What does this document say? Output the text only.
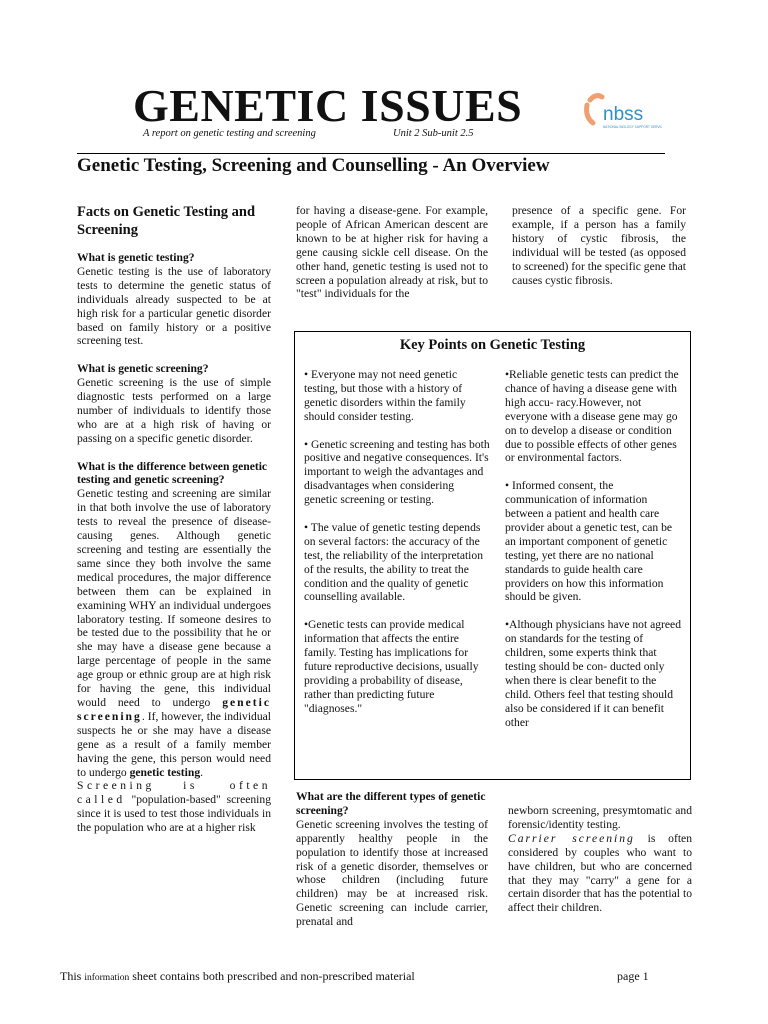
GENETIC ISSUES
A report on genetic testing and screening	Unit 2 Sub-unit 2.5
nbss
NATIONAL BIOLOGY SUPPORT SERVICE
Genetic Testing, Screening and Counselling - An Overview
Facts on Genetic Testing and Screening
What is genetic testing?

Genetic testing is the use of laboratory tests to determine the genetic status of individuals already suspected to be at high risk for a particular genetic disorder based on family history or a positive screening test.

What is genetic screening?

Genetic screening is the use of simple diagnostic tests performed on a large number of individuals to identify those who are at a high risk of having or passing on a specific genetic disorder.

What is the difference between genetic testing and genetic screening?

Genetic testing and screening are similar in that both involve the use of laboratory tests to reveal the presence of disease-causing genes. Although genetic screening and testing are essentially the same since they both involve the same medical procedures, the major difference between them can be explained in examining WHY an individual undergoes laboratory testing. If someone desires to be tested due to the possibility that he or she may have a disease gene because a large percentage of people in the same age group or ethnic group are at high risk for having the gene, this individual would need to undergo genetic screening. If, however, the individual suspects he or she may have a disease gene as a result of a family member having the gene, this person would need to undergo genetic testing.
Screening is often called "population-based" screening since it is used to test those individuals in the population who are at a higher risk

for having a disease-gene. For example, people of African American descent are known to be at higher risk for having a gene causing sickle cell disease. On the other hand, genetic testing is used not to screen a population already at risk, but to "test" individuals for the

presence of a specific gene. For example, if a person has a family history of cystic fibrosis, the individual will be tested (as opposed to screened) for the specific gene that causes cystic fibrosis.

Key Points on Genetic Testing

• Everyone may not need genetic testing, but those with a history of genetic disorders within the family should consider testing.

• Genetic screening and testing has both positive and negative consequences. It's important to weigh the advantages and disadvantages when considering genetic screening or testing.

• The value of genetic testing depends on several factors: the accuracy of the test, the reliability of the interpretation of the results, the ability to treat the condition and the quality of genetic counselling available.

•Genetic tests can provide medical information that affects the entire family. Testing has implications for future reproductive decisions, usually providing a probability of disease, rather than predicting future "diagnoses."

•Reliable genetic tests can predict the chance of having a disease gene with high accu- racy.However, not everyone with a disease gene may go on to develop a disease or condition due to possible effects of other genes or environmental factors.

• Informed consent, the communication of information between a patient and health care provider about a genetic test, can be an important component of genetic testing, yet there are no national standards to guide health care providers on how this information should be given.

•Although physicians have not agreed on standards for the testing of children, some experts think that testing should be con- ducted only when there is clear benefit to the child. Others feel that testing should also be considered if it can benefit other

What are the different types of genetic screening?

Genetic screening involves the testing of apparently healthy people in the population to identify those at increased risk of a genetic disorder, themselves or whose children (including future children) may be at increased risk. Genetic screening can include carrier, prenatal and

newborn screening, presymtomatic and forensic/identity testing.
Carrier screening is often considered by couples who want to have children, but who are concerned that they may "carry" a gene for a certain disorder that has the potential to affect their children.

This information sheet contains both prescribed and non-prescribed material	page 1
